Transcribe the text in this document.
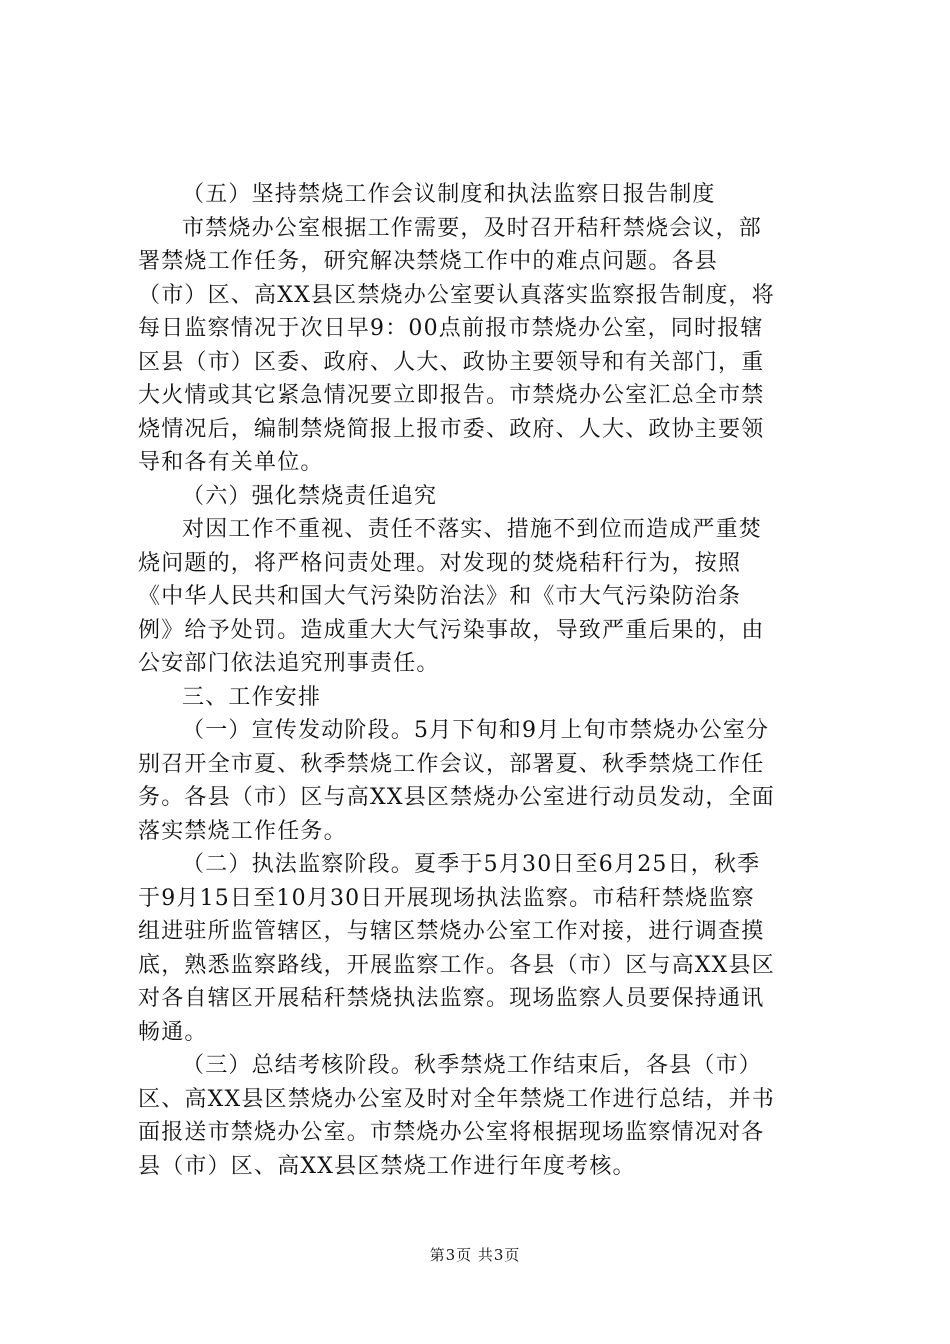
（五）坚持禁烧工作会议制度和执法监察日报告制度
市禁烧办公室根据工作需要，及时召开秸秆禁烧会议，部
署禁烧工作任务，研究解决禁烧工作中的难点问题。各县
（市）区、高XX县区禁烧办公室要认真落实监察报告制度，将
每日监察情况于次日早9：00点前报市禁烧办公室，同时报辖
区县（市）区委、政府、人大、政协主要领导和有关部门，重
大火情或其它紧急情况要立即报告。市禁烧办公室汇总全市禁
烧情况后，编制禁烧简报上报市委、政府、人大、政协主要领
导和各有关单位。
（六）强化禁烧责任追究
对因工作不重视、责任不落实、措施不到位而造成严重焚
烧问题的，将严格问责处理。对发现的焚烧秸秆行为，按照
《中华人民共和国大气污染防治法》和《市大气污染防治条
例》给予处罚。造成重大大气污染事故，导致严重后果的，由
公安部门依法追究刑事责任。
三、工作安排
（一）宣传发动阶段。5月下旬和9月上旬市禁烧办公室分
别召开全市夏、秋季禁烧工作会议，部署夏、秋季禁烧工作任
务。各县（市）区与高XX县区禁烧办公室进行动员发动，全面
落实禁烧工作任务。
（二）执法监察阶段。夏季于5月30日至6月25日，秋季
于9月15日至10月30日开展现场执法监察。市秸秆禁烧监察
组进驻所监管辖区，与辖区禁烧办公室工作对接，进行调查摸
底，熟悉监察路线，开展监察工作。各县（市）区与高XX县区
对各自辖区开展秸秆禁烧执法监察。现场监察人员要保持通讯
畅通。
（三）总结考核阶段。秋季禁烧工作结束后，各县（市）
区、高XX县区禁烧办公室及时对全年禁烧工作进行总结，并书
面报送市禁烧办公室。市禁烧办公室将根据现场监察情况对各
县（市）区、高XX县区禁烧工作进行年度考核。
第3页 共3页
